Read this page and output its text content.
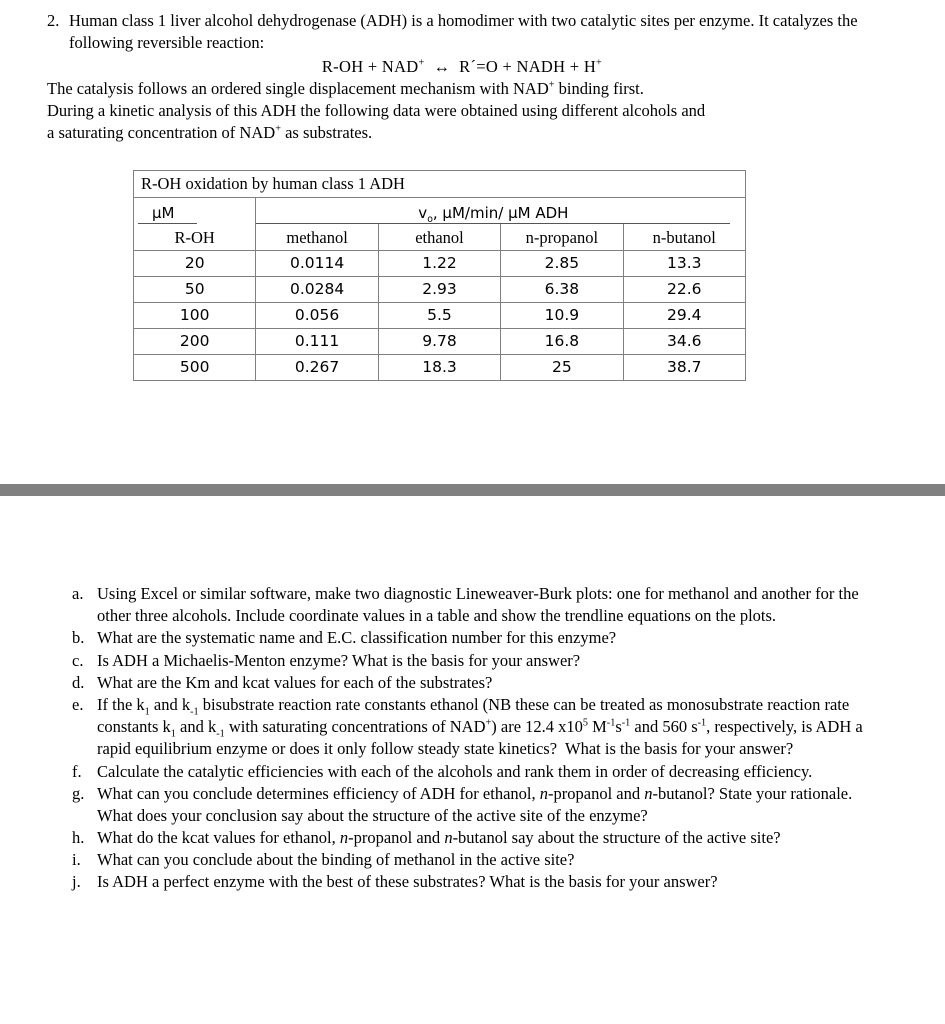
2. Human class 1 liver alcohol dehydrogenase (ADH) is a homodimer with two catalytic sites per enzyme. It catalyzes the following reversible reaction:
R-OH + NAD+ ↔ R´=O + NADH + H+
The catalysis follows an ordered single displacement mechanism with NAD+ binding first.
During a kinetic analysis of this ADH the following data were obtained using different alcohols and
a saturating concentration of NAD+ as substrates.
R-OH oxidation by human class 1 ADH				
µM	$v_o$, µM/min/ µM ADH			
R-OH	methanol	ethanol	n-propanol	n-butanol
20	0.0114	1.22	2.85	13.3
50	0.0284	2.93	6.38	22.6
100	0.056	5.5	10.9	29.4
200	0.111	9.78	16.8	34.6
500	0.267	18.3	25	38.7
a. Using Excel or similar software, make two diagnostic Lineweaver-Burk plots: one for methanol and another for the other three alcohols. Include coordinate values in a table and show the trendline equations on the plots.
b. What are the systematic name and E.C. classification number for this enzyme?
c. Is ADH a Michaelis-Menton enzyme? What is the basis for your answer?
d. What are the Km and kcat values for each of the substrates?
e. If the $k_1$ and $k_{-1}$ bisubstrate reaction rate constants ethanol (NB these can be treated as monosubstrate reaction rate constants $k_1$ and $k_{-1}$ with saturating concentrations of NAD+) are 12.4 $x10^5$ $M^{-1}s^{-1}$ and 560 $s^{-1}$, respectively, is ADH a rapid equilibrium enzyme or does it only follow steady state kinetics?  What is the basis for your answer?
f. Calculate the catalytic efficiencies with each of the alcohols and rank them in order of decreasing efficiency.
g. What can you conclude determines efficiency of ADH for ethanol, n-propanol and n-butanol? State your rationale. What does your conclusion say about the structure of the active site of the enzyme?
h. What do the kcat values for ethanol, n-propanol and n-butanol say about the structure of the active site?
i. What can you conclude about the binding of methanol in the active site?
j. Is ADH a perfect enzyme with the best of these substrates? What is the basis for your answer?
